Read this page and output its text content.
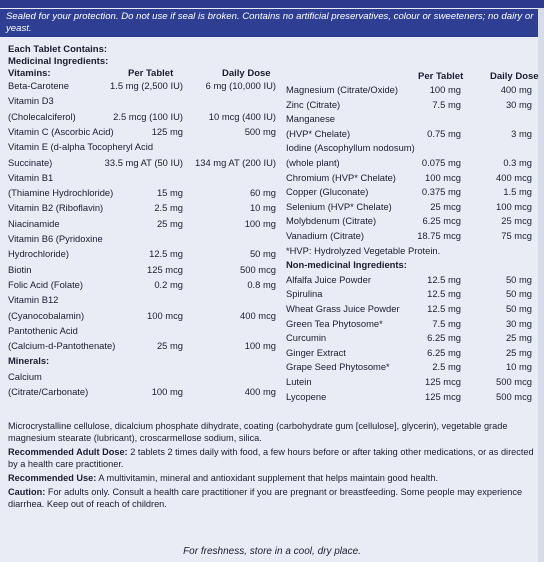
Sealed for your protection. Do not use if seal is broken. Contains no artificial preservatives, colour or sweeteners; no dairy or yeast.
Each Tablet Contains:
Medicinal Ingredients:
Vitamins:	Per Tablet	Daily Dose	Per Tablet	Daily Dose
Beta-Carotene	1.5 mg (2,500 IU) 6 mg (10,000 IU)
Vitamin D3
(Cholecalciferol)	2.5 mcg (100 IU)	10 mcg (400 IU)
Vitamin C (Ascorbic Acid)	125 mg	500 mg
Vitamin E (d-alpha Tocopheryl Acid
Succinate)	33.5 mg AT (50 IU) 134 mg AT (200 IU)
Vitamin B1
(Thiamine Hydrochloride)	15 mg	60 mg
Vitamin B2 (Riboflavin)	2.5 mg	10 mg
Niacinamide	25 mg	100 mg
Vitamin B6 (Pyridoxine
Hydrochloride)	12.5 mg	50 mg
Biotin	125 mcg	500 mcg
Folic Acid (Folate)	0.2 mg	0.8 mg
Vitamin B12
(Cyanocobalamin)	100 mcg	400 mcg
Pantothenic Acid
(Calcium-d-Pantothenate)	25 mg	100 mg
Minerals:
Calcium
(Citrate/Carbonate)	100 mg	400 mg
Magnesium (Citrate/Oxide)	100 mg	400 mg
Zinc (Citrate)	7.5 mg	30 mg
Manganese
(HVP* Chelate)	0.75 mg	3 mg
Iodine (Ascophyllum nodosum)
(whole plant)	0.075 mg	0.3 mg
Chromium (HVP* Chelate)	100 mcg	400 mcg
Copper (Gluconate)	0.375 mg	1.5 mg
Selenium (HVP* Chelate)	25 mcg	100 mcg
Molybdenum (Citrate)	6.25 mcg	25 mcg
Vanadium (Citrate)	18.75 mcg	75 mcg
*HVP: Hydrolyzed Vegetable Protein.
Non-medicinal Ingredients:
Alfalfa Juice Powder	12.5 mg	50 mg
Spirulina	12.5 mg	50 mg
Wheat Grass Juice Powder	12.5 mg	50 mg
Green Tea Phytosome*	7.5 mg	30 mg
Curcumin	6.25 mg	25 mg
Ginger Extract	6.25 mg	25 mg
Grape Seed Phytosome*	2.5 mg	10 mg
Lutein	125 mcg	500 mcg
Lycopene	125 mcg	500 mcg
Microcrystalline cellulose, dicalcium phosphate dihydrate, coating (carbohydrate gum [cellulose], glycerin), vegetable grade magnesium stearate (lubricant), croscarmellose sodium, silica.
Recommended Adult Dose: 2 tablets 2 times daily with food, a few hours before or after taking other medications, or as directed by a health care practitioner.
Recommended Use: A multivitamin, mineral and antioxidant supplement that helps maintain good health.
Caution: For adults only. Consult a health care practitioner if you are pregnant or breastfeeding. Some people may experience diarrhea. Keep out of reach of children.
For freshness, store in a cool, dry place.
